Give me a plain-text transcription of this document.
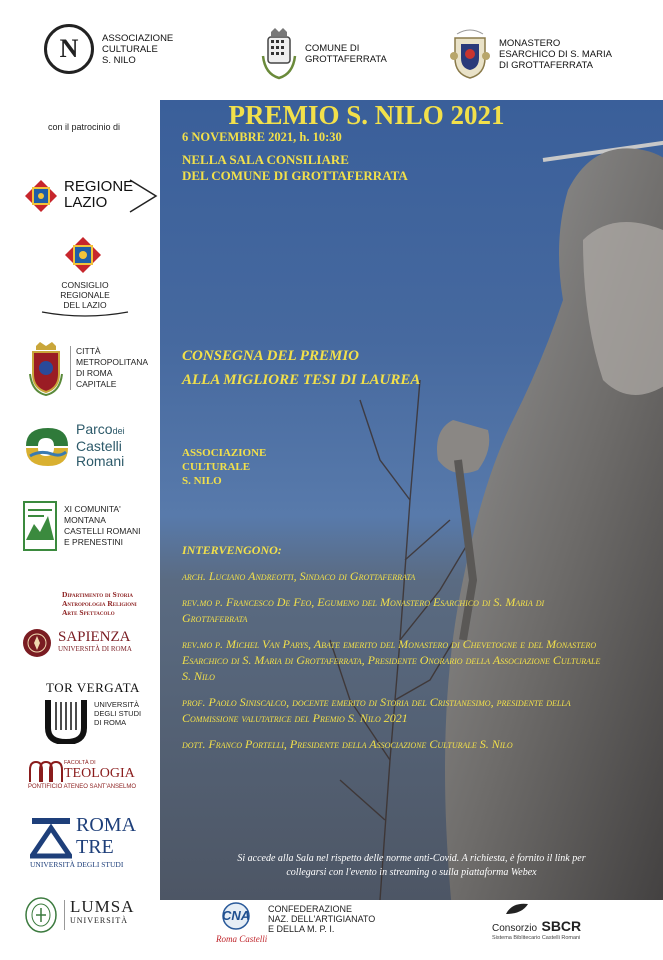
N ASSOCIAZIONE
CULTURALE
S. NILO
COMUNE DI
GROTTAFERRATA
MONASTERO
ESARCHICO DI S. MARIA
DI GROTTAFERRATA
con il patrocinio di
REGIONE
LAZIO
CONSIGLIO
REGIONALE
DEL LAZIO
CITTÀ
METROPOLITANA
DI ROMA
CAPITALE
Parcodei
Castelli
Romani
XI COMUNITA'
MONTANA
CASTELLI ROMANI
E PRENESTINI
Dipartimento di Storia
Antropologia Religioni
Arte Spettacolo
SAPIENZA
UNIVERSITÀ DI ROMA
TOR VERGATA
UNIVERSITÀ
DEGLI STUDI
DI ROMA
FACOLTÀ DI
TEOLOGIA
PONTIFICIO ATENEO SANT'ANSELMO
ROMA
TRE
UNIVERSITÀ DEGLI STUDI
LUMSA
UNIVERSITÀ
6 NOVEMBRE 2021, h. 10:30
NELLA SALA CONSILIARE
DEL COMUNE DI GROTTAFERRATA
PREMIO S. NILO 2021
CONSEGNA DEL PREMIO
ALLA MIGLIORE TESI DI LAUREA
ASSOCIAZIONE
CULTURALE
S. NILO
INTERVENGONO:
arch. Luciano Andreotti, Sindaco di Grottaferrata
rev.mo p. Francesco De Feo, Egumeno del Monastero Esarchico di S. Maria di Grottaferrata
rev.mo p. Michel Van Parys, Abate emerito del Monastero di Chevetogne e del Monastero Esarchico di S. Maria di Grottaferrata, Presidente Onorario della Associazione Culturale S. Nilo
prof. Paolo Siniscalco, docente emerito di Storia del Cristianesimo, presidente della Commissione valutatrice del Premio S. Nilo 2021
dott. Franco Portelli, Presidente della Associazione Culturale S. Nilo
Si accede alla Sala nel rispetto delle norme anti-Covid. A richiesta, è fornito il link per
collegarsi con l'evento in streaming o sulla piattaforma Webex
CNA
Roma Castelli
CONFEDERAZIONE
NAZ. DELL'ARTIGIANATO
E DELLA M. P. I.	Consorzio SBCR
Sistema Biblitecario Castelli Romani
